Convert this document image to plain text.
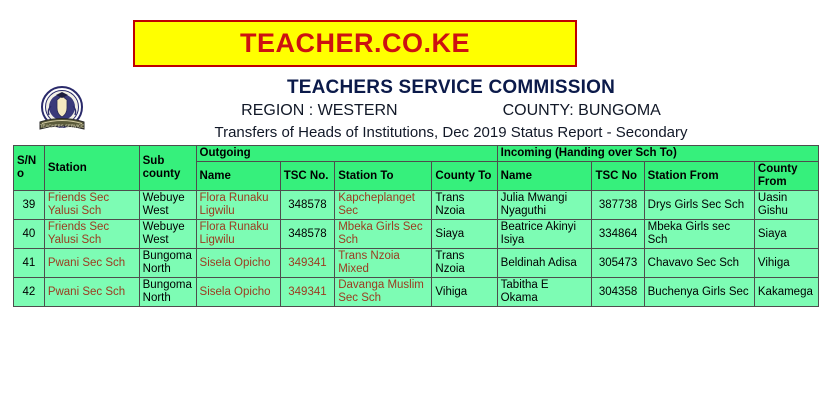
TEACHER.CO.KE
TEACHERS SERVICE
TEACHERS SERVICE COMMISSION
REGION : WESTERN	COUNTY: BUNGOMA
Transfers of Heads of Institutions, Dec 2019 Status Report - Secondary
S/N o	Station	Sub county	Outgoing				Incoming (Handing over Sch To)			
			Name	TSC No.	Station To	County To	Name	TSC No	Station From	County From
39	Friends Sec Yalusi Sch	Webuye West	Flora Runaku Ligwilu	348578	Kapcheplanget Sec	Trans Nzoia	Julia Mwangi Nyaguthi	387738	Drys Girls Sec Sch	Uasin Gishu
40	Friends Sec Yalusi Sch	Webuye West	Flora Runaku Ligwilu	348578	Mbeka Girls Sec Sch	Siaya	Beatrice Akinyi Isiya	334864	Mbeka Girls sec Sch	Siaya
41	Pwani Sec Sch	Bungoma North	Sisela Opicho	349341	Trans Nzoia Mixed	Trans Nzoia	Beldinah Adisa	305473	Chavavo Sec Sch	Vihiga
42	Pwani Sec Sch	Bungoma North	Sisela Opicho	349341	Davanga Muslim Sec Sch	Vihiga	Tabitha E Okama	304358	Buchenya Girls Sec	Kakamega
